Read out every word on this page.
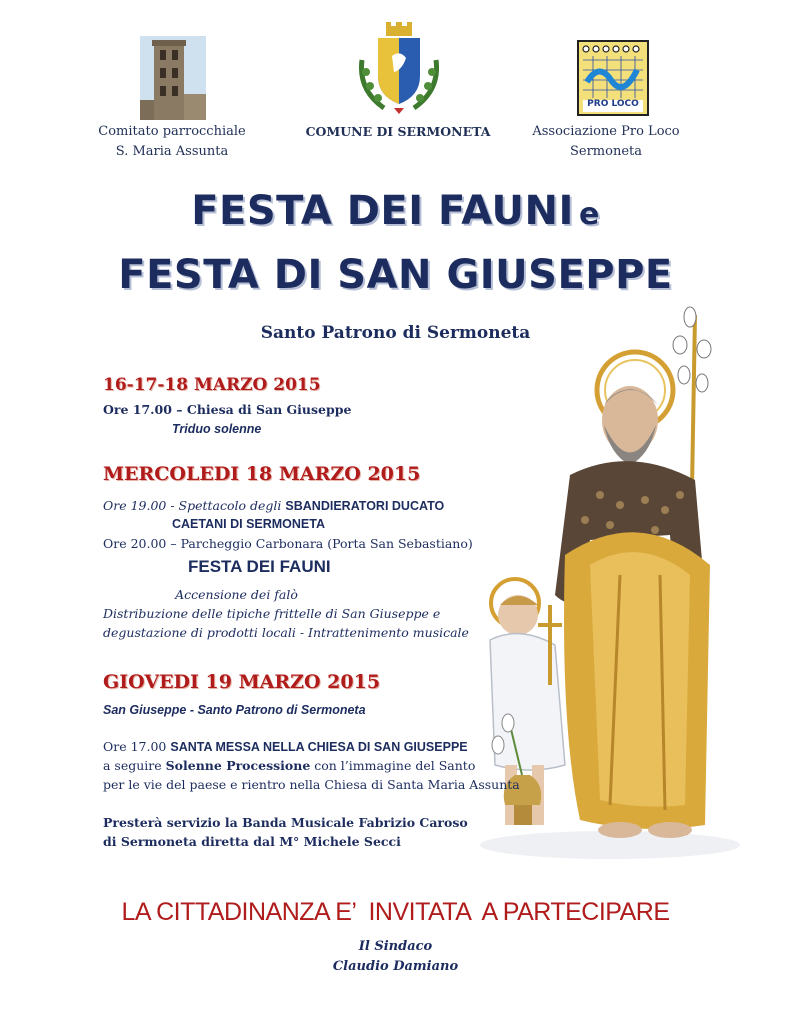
Comitato parrocchiale
S. Maria Assunta
COMUNE DI SERMONETA
PRO LOCO
Associazione Pro Loco
Sermoneta
FESTA DEI FAUNI e
FESTA DI SAN GIUSEPPE
Santo Patrono di Sermoneta
16-17-18 MARZO 2015
Ore 17.00 – Chiesa di San Giuseppe
Triduo solenne
MERCOLEDI 18 MARZO 2015
Ore 19.00 - Spettacolo degli SBANDIERATORI DUCATO
CAETANI DI SERMONETA
Ore 20.00 – Parcheggio Carbonara (Porta San Sebastiano)
FESTA DEI FAUNI
Accensione dei falò
Distribuzione delle tipiche frittelle di San Giuseppe e
degustazione di prodotti locali - Intrattenimento musicale
GIOVEDI 19 MARZO 2015
San Giuseppe - Santo Patrono di Sermoneta
Ore 17.00 SANTA MESSA NELLA CHIESA DI SAN GIUSEPPE
a seguire Solenne Processione con l’immagine del Santo
per le vie del paese e rientro nella Chiesa di Santa Maria Assunta
Presterà servizio la Banda Musicale Fabrizio Caroso
di Sermoneta diretta dal M° Michele Secci
LA CITTADINANZA E’  INVITATA  A PARTECIPARE
Il Sindaco
Claudio Damiano
